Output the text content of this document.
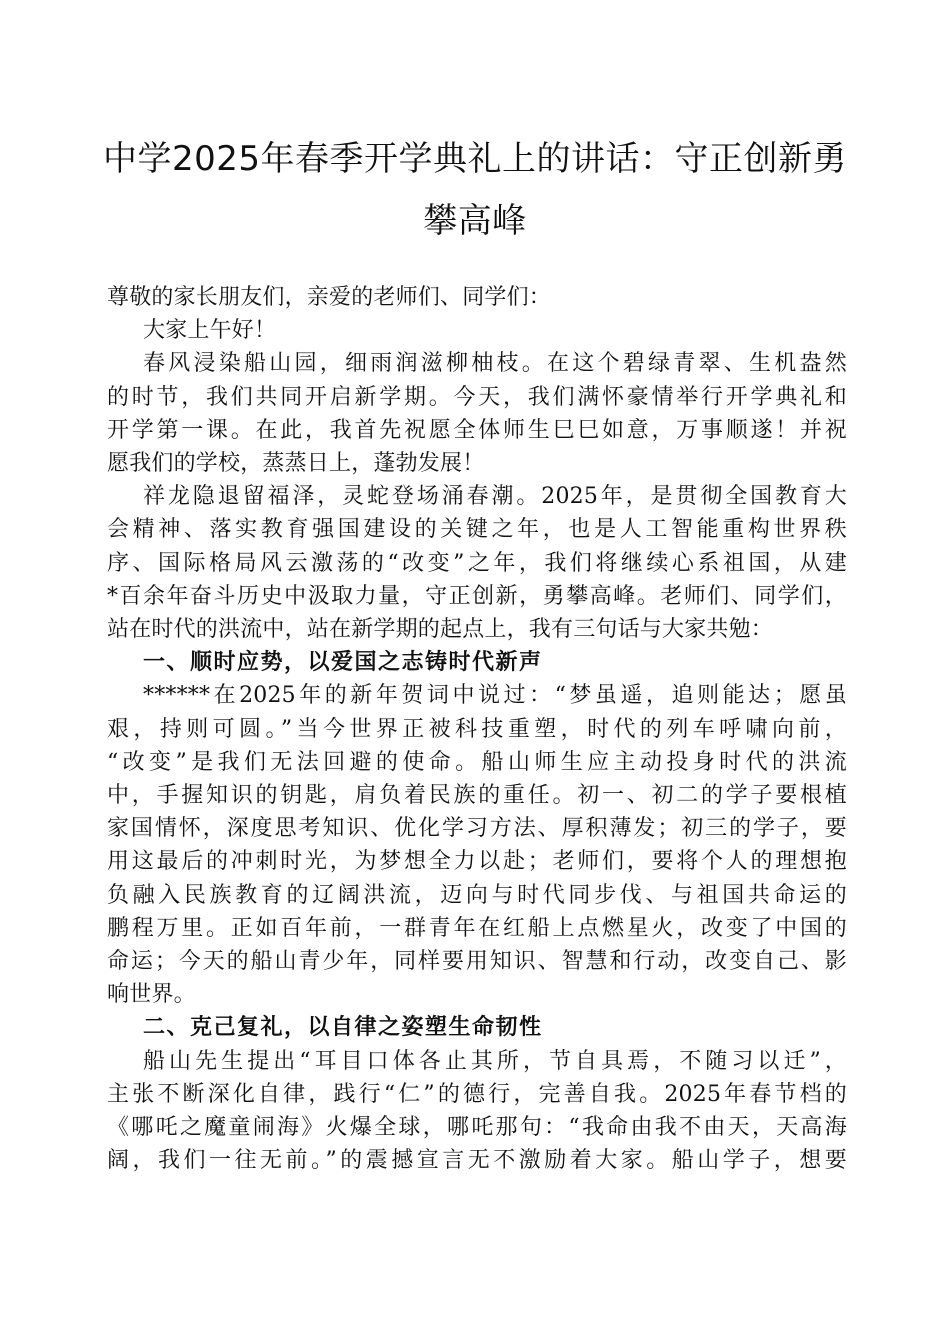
中学2025年春季开学典礼上的讲话：守正创新勇
攀高峰
尊敬的家长朋友们，亲爱的老师们、同学们：
大家上午好！
春风浸染船山园，细雨润滋柳柚枝。在这个碧绿青翠、生机盎然
的时节，我们共同开启新学期。今天，我们满怀豪情举行开学典礼和
开学第一课。在此，我首先祝愿全体师生巳巳如意，万事顺遂！并祝
愿我们的学校，蒸蒸日上，蓬勃发展！
祥龙隐退留福泽，灵蛇登场涌春潮。2025年，是贯彻全国教育大
会精神、落实教育强国建设的关键之年，也是人工智能重构世界秩
序、国际格局风云激荡的“改变”之年，我们将继续心系祖国，从建
*百余年奋斗历史中汲取力量，守正创新，勇攀高峰。老师们、同学们，
站在时代的洪流中，站在新学期的起点上，我有三句话与大家共勉：
一、顺时应势，以爱国之志铸时代新声
******在2025年的新年贺词中说过：“梦虽遥，追则能达；愿虽
艰，持则可圆。”当今世界正被科技重塑，时代的列车呼啸向前，
“改变”是我们无法回避的使命。船山师生应主动投身时代的洪流
中，手握知识的钥匙，肩负着民族的重任。初一、初二的学子要根植
家国情怀，深度思考知识、优化学习方法、厚积薄发；初三的学子，要
用这最后的冲刺时光，为梦想全力以赴；老师们，要将个人的理想抱
负融入民族教育的辽阔洪流，迈向与时代同步伐、与祖国共命运的
鹏程万里。正如百年前，一群青年在红船上点燃星火，改变了中国的
命运；今天的船山青少年，同样要用知识、智慧和行动，改变自己、影
响世界。
二、克己复礼，以自律之姿塑生命韧性
船山先生提出“耳目口体各止其所，节自具焉，不随习以迁”，
主张不断深化自律，践行“仁”的德行，完善自我。2025年春节档的
《哪吒之魔童闹海》火爆全球，哪吒那句：“我命由我不由天，天高海
阔，我们一往无前。”的震撼宣言无不激励着大家。船山学子，想要
